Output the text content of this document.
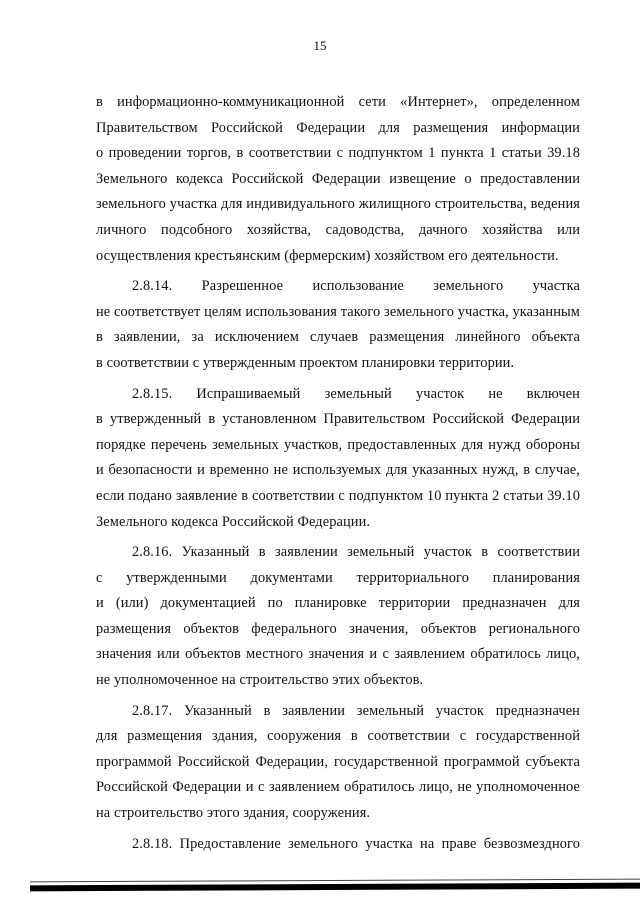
15
в информационно-коммуникационной сети «Интернет», определенном
Правительством Российской Федерации для размещения информации
о проведении торгов, в соответствии с подпунктом 1 пункта 1 статьи 39.18
Земельного кодекса Российской Федерации извещение о предоставлении
земельного участка для индивидуального жилищного строительства, ведения
личного подсобного хозяйства, садоводства, дачного хозяйства или
осуществления крестьянским (фермерским) хозяйством его деятельности.
2.8.14. Разрешенное использование земельного участка
не соответствует целям использования такого земельного участка, указанным
в заявлении, за исключением случаев размещения линейного объекта
в соответствии с утвержденным проектом планировки территории.
2.8.15. Испрашиваемый земельный участок не включен
в утвержденный в установленном Правительством Российской Федерации
порядке перечень земельных участков, предоставленных для нужд обороны
и безопасности и временно не используемых для указанных нужд, в случае,
если подано заявление в соответствии с подпунктом 10 пункта 2 статьи 39.10
Земельного кодекса Российской Федерации.
2.8.16. Указанный в заявлении земельный участок в соответствии
с утвержденными документами территориального планирования
и (или) документацией по планировке территории предназначен для
размещения объектов федерального значения, объектов регионального
значения или объектов местного значения и с заявлением обратилось лицо,
не уполномоченное на строительство этих объектов.
2.8.17. Указанный в заявлении земельный участок предназначен
для размещения здания, сооружения в соответствии с государственной
программой Российской Федерации, государственной программой субъекта
Российской Федерации и с заявлением обратилось лицо, не уполномоченное
на строительство этого здания, сооружения.
2.8.18. Предоставление земельного участка на праве безвозмездного
